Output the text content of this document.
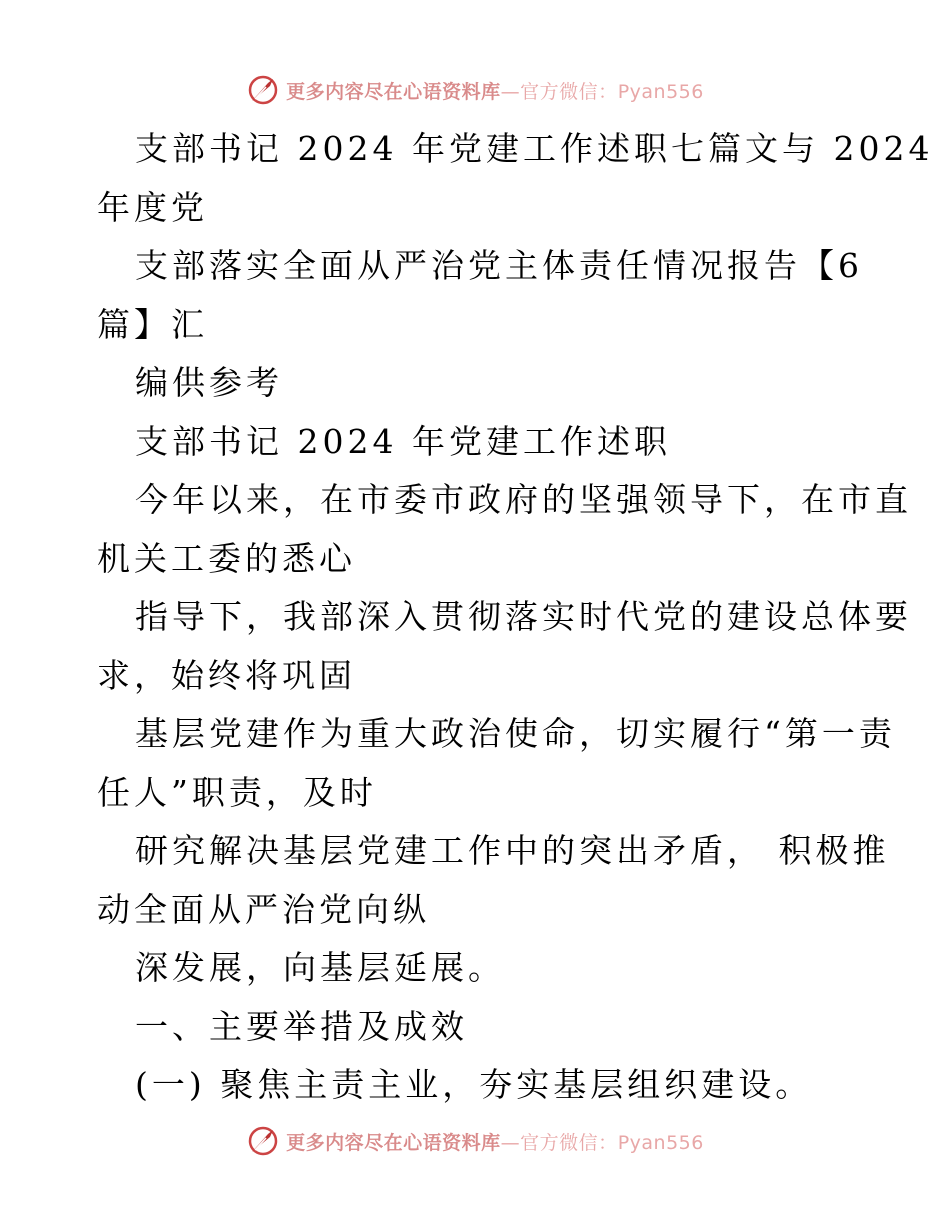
更多内容尽在心语资料库—官方微信：Pyan556
支部书记 2024 年党建工作述职七篇文与 2024
年度党
支部落实全面从严治党主体责任情况报告【6
篇】汇
编供参考
支部书记 2024 年党建工作述职
今年以来，在市委市政府的坚强领导下，在市直
机关工委的悉心
指导下，我部深入贯彻落实时代党的建设总体要
求，始终将巩固
基层党建作为重大政治使命，切实履行“第一责
任人”职责，及时
研究解决基层党建工作中的突出矛盾， 积极推
动全面从严治党向纵
深发展，向基层延展。
一、主要举措及成效
(一) 聚焦主责主业，夯实基层组织建设。
更多内容尽在心语资料库—官方微信：Pyan556
